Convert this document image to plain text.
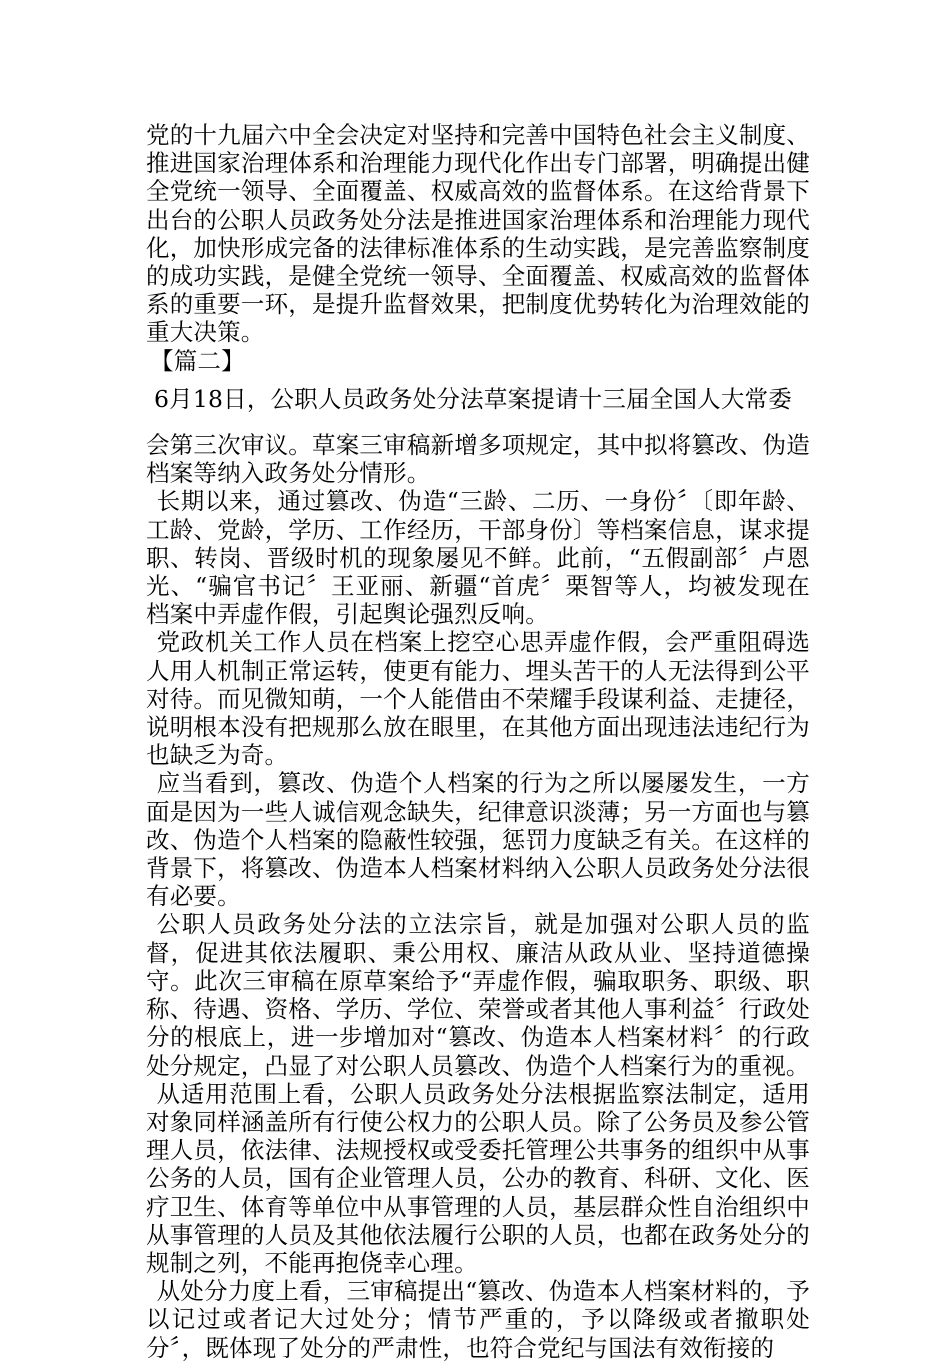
党的十九届六中全会决定对坚持和完善中国特色社会主义制度、推进国家治理体系和治理能力现代化作出专门部署，明确提出健全党统一领导、全面覆盖、权威高效的监督体系。在这给背景下出台的公职人员政务处分法是推进国家治理体系和治理能力现代化，加快形成完备的法律标准体系的生动实践，是完善监察制度的成功实践，是健全党统一领导、全面覆盖、权威高效的监督体系的重要一环，是提升监督效果，把制度优势转化为治理效能的重大决策。

【篇二】

6月18日，公职人员政务处分法草案提请十三届全国人大常委

会第三次审议。草案三审稿新增多项规定，其中拟将篡改、伪造档案等纳入政务处分情形。

长期以来，通过篡改、伪造“三龄、二历、一身份〞〔即年龄、工龄、党龄，学历、工作经历，干部身份〕等档案信息，谋求提职、转岗、晋级时机的现象屡见不鲜。此前，“五假副部〞卢恩光、“骗官书记〞王亚丽、新疆“首虎〞栗智等人，均被发现在档案中弄虚作假，引起舆论强烈反响。

党政机关工作人员在档案上挖空心思弄虚作假，会严重阻碍选人用人机制正常运转，使更有能力、埋头苦干的人无法得到公平对待。而见微知萌，一个人能借由不荣耀手段谋利益、走捷径，说明根本没有把规那么放在眼里，在其他方面出现违法违纪行为也缺乏为奇。

应当看到，篡改、伪造个人档案的行为之所以屡屡发生，一方面是因为一些人诚信观念缺失，纪律意识淡薄；另一方面也与篡改、伪造个人档案的隐蔽性较强，惩罚力度缺乏有关。在这样的背景下，将篡改、伪造本人档案材料纳入公职人员政务处分法很有必要。

公职人员政务处分法的立法宗旨，就是加强对公职人员的监督，促进其依法履职、秉公用权、廉洁从政从业、坚持道德操守。此次三审稿在原草案给予“弄虚作假，骗取职务、职级、职称、待遇、资格、学历、学位、荣誉或者其他人事利益〞行政处分的根底上，进一步增加对“篡改、伪造本人档案材料〞的行政处分规定，凸显了对公职人员篡改、伪造个人档案行为的重视。

从适用范围上看，公职人员政务处分法根据监察法制定，适用对象同样涵盖所有行使公权力的公职人员。除了公务员及参公管理人员，依法律、法规授权或受委托管理公共事务的组织中从事公务的人员，国有企业管理人员，公办的教育、科研、文化、医疗卫生、体育等单位中从事管理的人员，基层群众性自治组织中从事管理的人员及其他依法履行公职的人员，也都在政务处分的规制之列，不能再抱侥幸心理。

从处分力度上看，三审稿提出“篡改、伪造本人档案材料的，予以记过或者记大过处分；情节严重的，予以降级或者撤职处分〞，既体现了处分的严肃性，也符合党纪与国法有效衔接的
